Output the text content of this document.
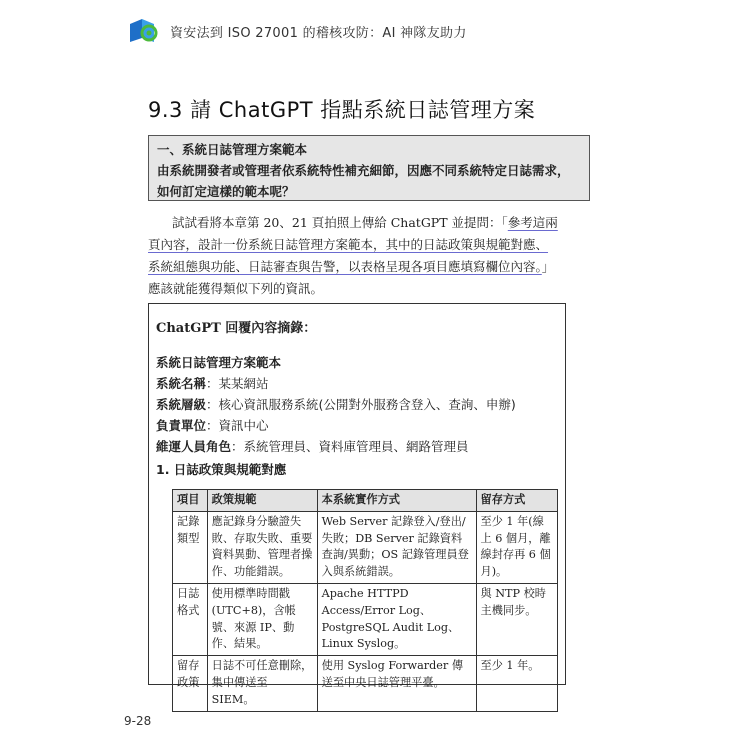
資安法到 ISO 27001 的稽核攻防：AI 神隊友助力
9.3 請 ChatGPT 指點系統日誌管理方案
一、系統日誌管理方案範本
由系統開發者或管理者依系統特性補充細節，因應不同系統特定日誌需求，如何訂定這樣的範本呢？
試試看將本章第 20、21 頁拍照上傳給 ChatGPT 並提問：「參考這兩
頁內容，設計一份系統日誌管理方案範本，其中的日誌政策與規範對應、
系統組態與功能、日誌審查與告警，以表格呈現各項目應填寫欄位內容。」
應該就能獲得類似下列的資訊。
ChatGPT 回覆內容摘錄：
系統日誌管理方案範本
系統名稱：某某網站
系統層級：核心資訊服務系統(公開對外服務含登入、查詢、申辦)
負責單位：資訊中心
維運人員角色：系統管理員、資料庫管理員、網路管理員
1. 日誌政策與規範對應
項目	政策規範	本系統實作方式	留存方式
記錄類型	應記錄身分驗證失敗、存取失敗、重要資料異動、管理者操作、功能錯誤。	Web Server 記錄登入/登出/失敗；DB Server 記錄資料查詢/異動；OS 記錄管理員登入與系統錯誤。	至少 1 年(線上 6 個月，離線封存再 6 個月)。
日誌格式	使用標準時間戳(UTC+8)，含帳號、來源 IP、動作、結果。	Apache HTTPD Access/Error Log、PostgreSQL Audit Log、Linux Syslog。	與 NTP 校時主機同步。
留存政策	日誌不可任意刪除，集中傳送至 SIEM。	使用 Syslog Forwarder 傳送至中央日誌管理平臺。	至少 1 年。
9-28
